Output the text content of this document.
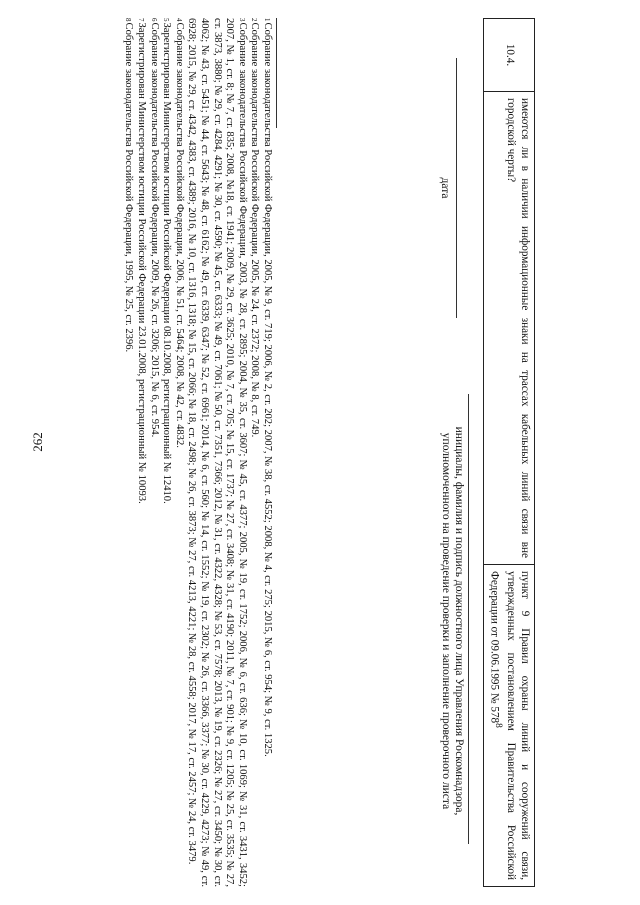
262
10.4.	имеются ли в наличии информационные знаки на трассах кабельных линий связи вне городской черты?	пункт 9 Правил охраны линий и сооружений связи, утвержденных постановлением Правительства Российской Федерации от 09.06.1995 № $578^8$
дата
инициалы, фамилия и подпись должностного лица Управления Роскомнадзора, уполномоченного на проведение проверки и заполнение проверочного листа
$^1$Собрание законодательства Российской Федерации, 2005, № 9, ст. 719; 2006, № 2, ст. 202; 2007, № 38, ст. 4552; 2008, № 4, ст. 275; 2015, № 6, ст. 954; № 9, ст. 1325.
$^2$Собрание законодательства Российской Федерации, 2005, № 24, ст. 2372; 2008, № 8, ст. 749.
$^3$Собрание законодательства Российской Федерации, 2003, № 28, ст. 2895; 2004, № 35, ст. 3607; № 45, ст. 4377; 2005, № 19, ст. 1752; 2006, № 6, ст. 636; № 10, ст. 1069; № 31, ст. 3431, 3452; 2007, № 1, ст. 8; № 7, ст. 835; 2008, №18, ст. 1941; 2009, № 29, ст. 3625; 2010, № 7, ст. 705; № 15, ст. 1737; № 27, ст. 3408; № 31, ст. 4190; 2011, № 7, ст. 901; № 9, ст. 1205; № 25, ст. 3535; № 27, ст. 3873, 3880; № 29, ст. 4284, 4291; № 30, ст. 4590; № 45, ст. 6333; № 49, ст. 7061; № 50, ст. 7351, 7366; 2012, № 31, ст. 4322, 4328; № 53, ст. 7578; 2013, № 19, ст. 2326; № 27, ст. 3450; № 30, ст. 4062; № 43, ст. 5451; № 44, ст. 5643; № 48, ст. 6162; № 49, ст. 6339, 6347; № 52, ст. 6961; 2014, № 6, ст. 560; № 14, ст. 1552; № 19, ст. 2302; № 26, ст. 3366, 3377; № 30, ст. 4229, 4273; № 49, ст. 6928; 2015, № 29, ст. 4342, 4383, ст. 4389; 2016, № 10, ст. 1316, 1318; № 15, ст. 2066; № 18, ст. 2498; № 26, ст. 3873; № 27, ст. 4213, 4221; № 28, ст. 4558; 2017, № 17, ст. 2457; № 24, ст. 3479.
$^4$Собрание законодательства Российской Федерации, 2006, № 51, ст. 5464; 2008, № 42, ст. 4832.
$^5$Зарегистрирован Министерством юстиции Российской Федерации 08.10.2008, регистрационный № 12410.
$^6$Собрание законодательства Российской Федерации, 2009, № 26, ст. 3206; 2015, № 6, ст. 954.
$^7$Зарегистрирован Министерством юстиции Российской Федерации 23.01.2008, регистрационный № 10093.
$^8$Собрание законодательства Российской Федерации, 1995, № 25, ст. 2396.
